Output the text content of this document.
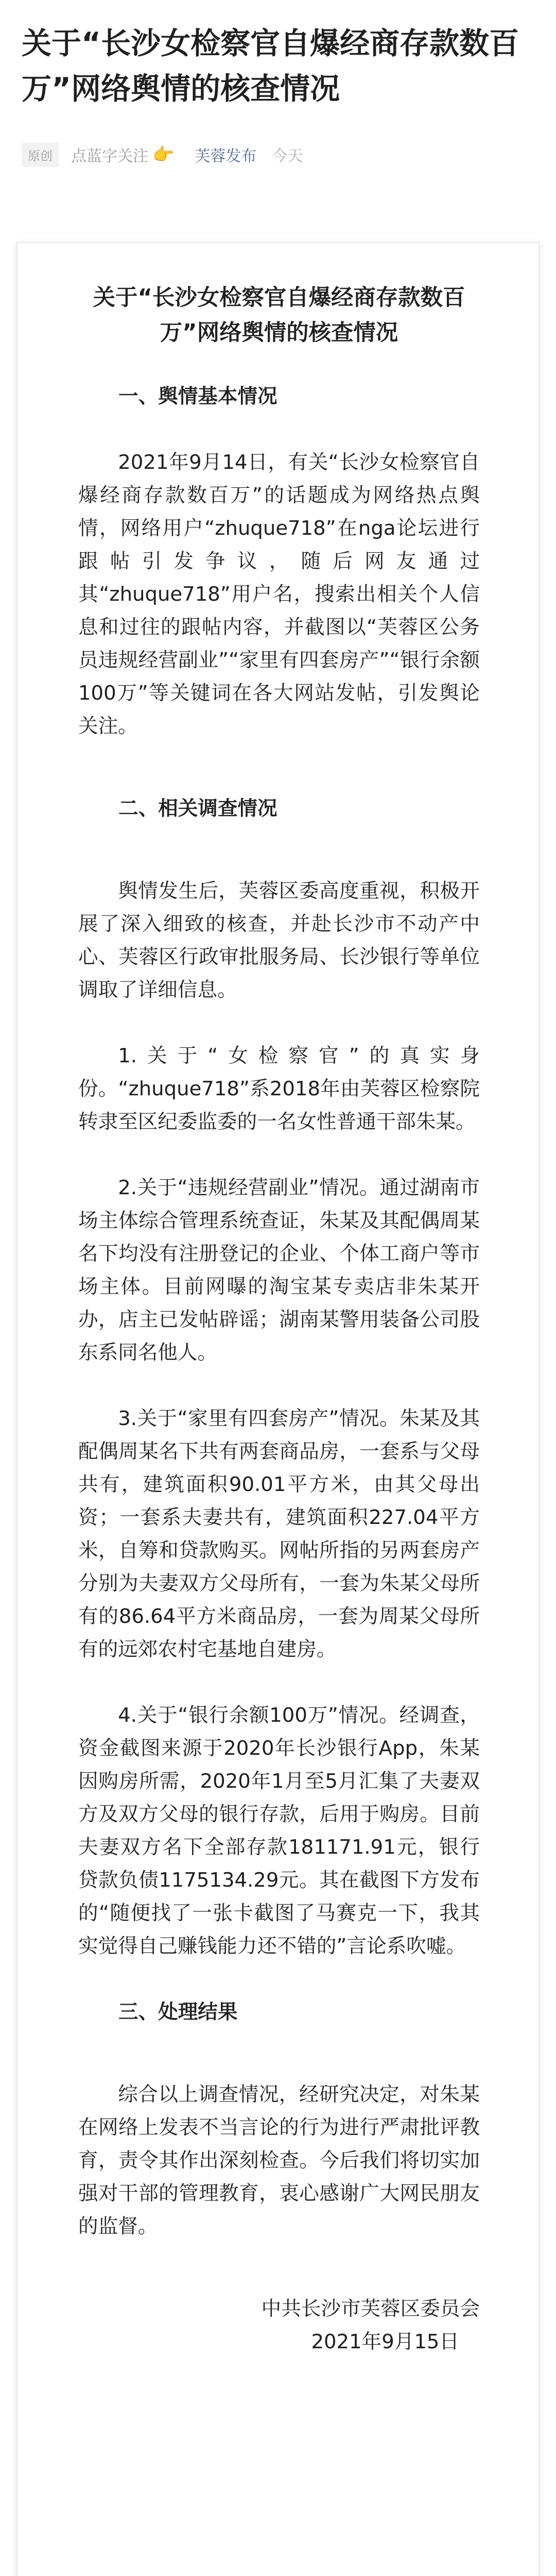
关于“长沙女检察官自爆经商存款数百万”网络舆情的核查情况
原创	点蓝字关注 👉 芙蓉发布 今天

关于“长沙女检察官自爆经商存款数百万”网络舆情的核查情况

一、舆情基本情况

2021年9月14日，有关“长沙女检察官自爆经商存款数百万”的话题成为网络热点舆情，网络用户“zhuque718”在nga论坛进行跟帖引发争议，随后网友通过其“zhuque718”用户名，搜索出相关个人信息和过往的跟帖内容，并截图以“芙蓉区公务员违规经营副业”“家里有四套房产”“银行余额100万”等关键词在各大网站发帖，引发舆论关注。

二、相关调查情况

舆情发生后，芙蓉区委高度重视，积极开展了深入细致的核查，并赴长沙市不动产中心、芙蓉区行政审批服务局、长沙银行等单位调取了详细信息。

1.关于“女检察官”的真实身份。“zhuque718”系2018年由芙蓉区检察院转隶至区纪委监委的一名女性普通干部朱某。

2.关于“违规经营副业”情况。通过湖南市场主体综合管理系统查证，朱某及其配偶周某名下均没有注册登记的企业、个体工商户等市场主体。目前网曝的淘宝某专卖店非朱某开办，店主已发帖辟谣；湖南某警用装备公司股东系同名他人。

3.关于“家里有四套房产”情况。朱某及其配偶周某名下共有两套商品房，一套系与父母共有，建筑面积90.01平方米，由其父母出资；一套系夫妻共有，建筑面积227.04平方米，自筹和贷款购买。网帖所指的另两套房产分别为夫妻双方父母所有，一套为朱某父母所有的86.64平方米商品房，一套为周某父母所有的远郊农村宅基地自建房。

4.关于“银行余额100万”情况。经调查，资金截图来源于2020年长沙银行App，朱某因购房所需，2020年1月至5月汇集了夫妻双方及双方父母的银行存款，后用于购房。目前夫妻双方名下全部存款181171.91元，银行贷款负债1175134.29元。其在截图下方发布的“随便找了一张卡截图了马赛克一下，我其实觉得自己赚钱能力还不错的”言论系吹嘘。

三、处理结果

综合以上调查情况，经研究决定，对朱某在网络上发表不当言论的行为进行严肃批评教育，责令其作出深刻检查。今后我们将切实加强对干部的管理教育，衷心感谢广大网民朋友的监督。

中共长沙市芙蓉区委员会

2021年9月15日
